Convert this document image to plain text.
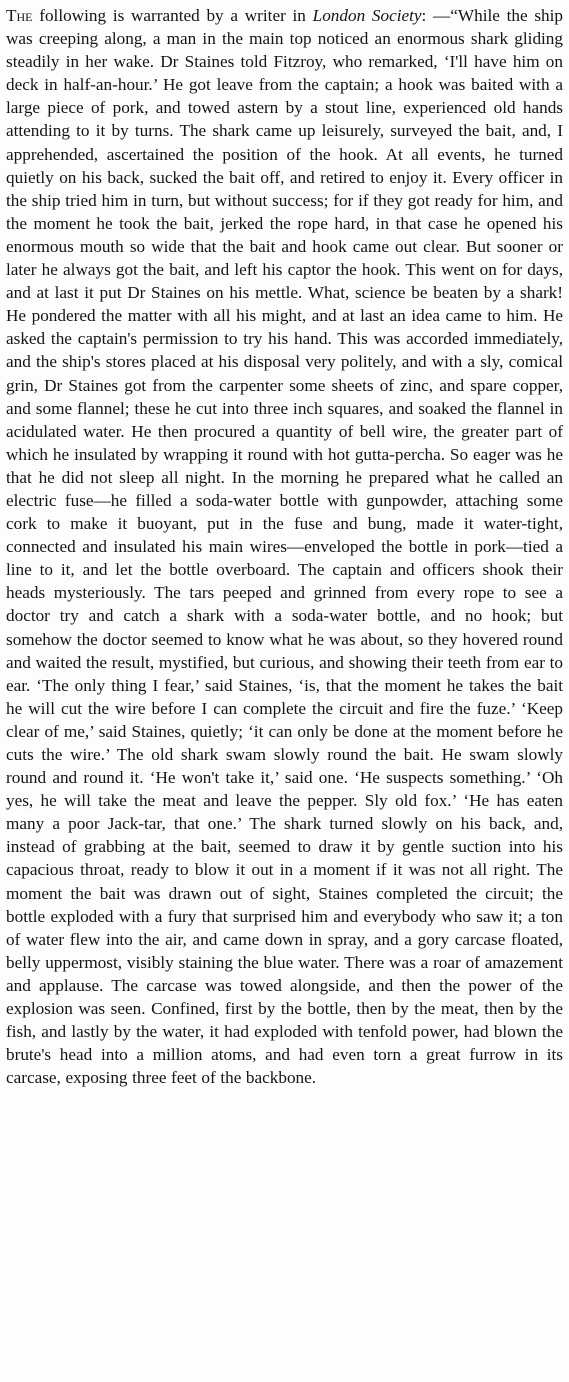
The following is warranted by a writer in London Society: —“While the ship was creeping along, a man in the main top noticed an enormous shark gliding steadily in her wake. Dr Staines told Fitzroy, who remarked, ‘I'll have him on deck in half-an-hour.’ He got leave from the captain; a hook was baited with a large piece of pork, and towed astern by a stout line, experienced old hands attending to it by turns. The shark came up leisurely, surveyed the bait, and, I apprehended, ascertained the position of the hook. At all events, he turned quietly on his back, sucked the bait off, and retired to enjoy it. Every officer in the ship tried him in turn, but without success; for if they got ready for him, and the moment he took the bait, jerked the rope hard, in that case he opened his enormous mouth so wide that the bait and hook came out clear. But sooner or later he always got the bait, and left his captor the hook. This went on for days, and at last it put Dr Staines on his mettle. What, science be beaten by a shark! He pondered the matter with all his might, and at last an idea came to him. He asked the captain's permission to try his hand. This was accorded immediately, and the ship's stores placed at his disposal very politely, and with a sly, comical grin, Dr Staines got from the carpenter some sheets of zinc, and spare copper, and some flannel; these he cut into three inch squares, and soaked the flannel in acidulated water. He then procured a quantity of bell wire, the greater part of which he insulated by wrapping it round with hot gutta-percha. So eager was he that he did not sleep all night. In the morning he prepared what he called an electric fuse—he filled a soda-water bottle with gunpowder, attaching some cork to make it buoyant, put in the fuse and bung, made it water-tight, connected and insulated his main wires—enveloped the bottle in pork—tied a line to it, and let the bottle overboard. The captain and officers shook their heads mysteriously. The tars peeped and grinned from every rope to see a doctor try and catch a shark with a soda-water bottle, and no hook; but somehow the doctor seemed to know what he was about, so they hovered round and waited the result, mystified, but curious, and showing their teeth from ear to ear. ‘The only thing I fear,’ said Staines, ‘is, that the moment he takes the bait he will cut the wire before I can complete the circuit and fire the fuze.’ ‘Keep clear of me,’ said Staines, quietly; ‘it can only be done at the moment before he cuts the wire.’ The old shark swam slowly round the bait. He swam slowly round and round it. ‘He won't take it,’ said one. ‘He suspects something.’ ‘Oh yes, he will take the meat and leave the pepper. Sly old fox.’ ‘He has eaten many a poor Jack-tar, that one.’ The shark turned slowly on his back, and, instead of grabbing at the bait, seemed to draw it by gentle suction into his capacious throat, ready to blow it out in a moment if it was not all right. The moment the bait was drawn out of sight, Staines completed the circuit; the bottle exploded with a fury that surprised him and everybody who saw it; a ton of water flew into the air, and came down in spray, and a gory carcase floated, belly uppermost, visibly staining the blue water. There was a roar of amazement and applause. The carcase was towed alongside, and then the power of the explosion was seen. Confined, first by the bottle, then by the meat, then by the fish, and lastly by the water, it had exploded with tenfold power, had blown the brute's head into a million atoms, and had even torn a great furrow in its carcase, exposing three feet of the backbone.
